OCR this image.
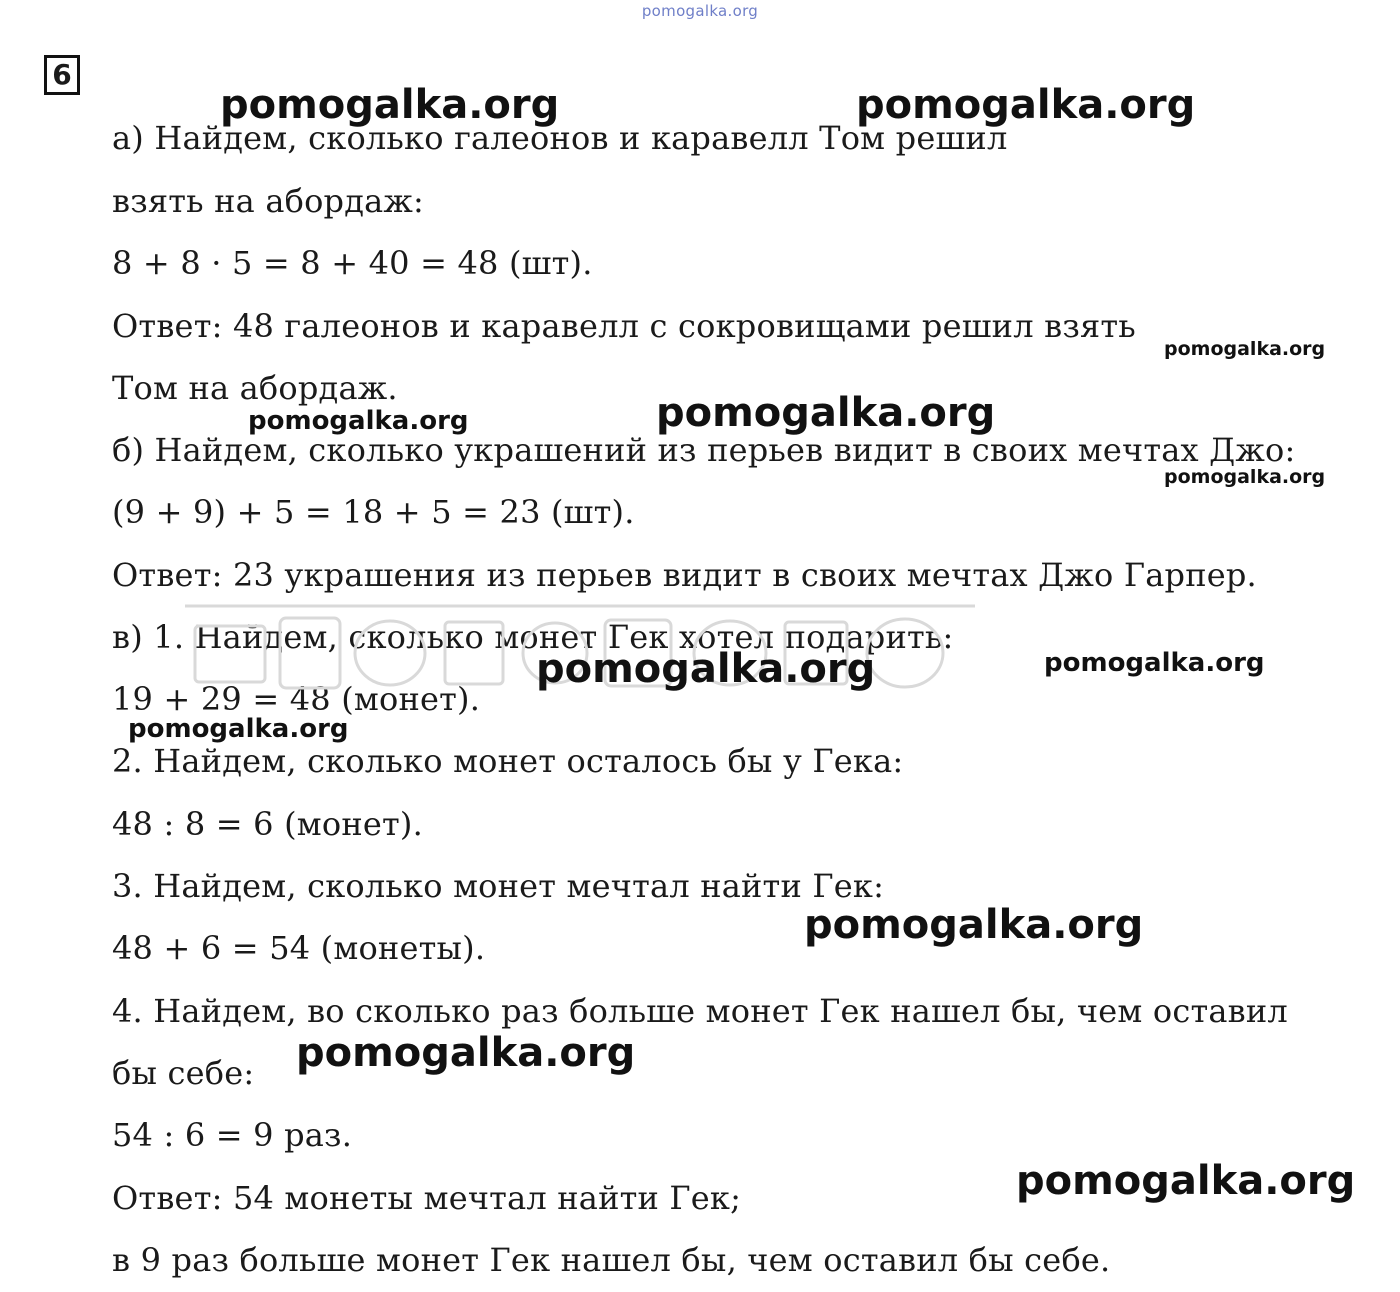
pomogalka.org
6
а) Найдем, сколько галеонов и каравелл Том решил
взять на абордаж:
8 + 8 · 5 = 8 + 40 = 48 (шт).
Ответ: 48 галеонов и каравелл с сокровищами решил взять
Том на абордаж.
б) Найдем, сколько украшений из перьев видит в своих мечтах Джо:
(9 + 9) + 5 = 18 + 5 = 23 (шт).
Ответ: 23 украшения из перьев видит в своих мечтах Джо Гарпер.
в) 1. Найдем, сколько монет Гек хотел подарить:
19 + 29 = 48 (монет).
2. Найдем, сколько монет осталось бы у Гека:
48 : 8 = 6 (монет).
3. Найдем, сколько монет мечтал найти Гек:
48 + 6 = 54 (монеты).
4. Найдем, во сколько раз больше монет Гек нашел бы, чем оставил
бы себе:
54 : 6 = 9 раз.
Ответ: 54 монеты мечтал найти Гек;
в 9 раз больше монет Гек нашел бы, чем оставил бы себе.
pomogalka.org	pomogalka.org
pomogalka.org
pomogalka.org	pomogalka.org
pomogalka.org
pomogalka.org	pomogalka.org
pomogalka.org
pomogalka.org
pomogalka.org
pomogalka.org
